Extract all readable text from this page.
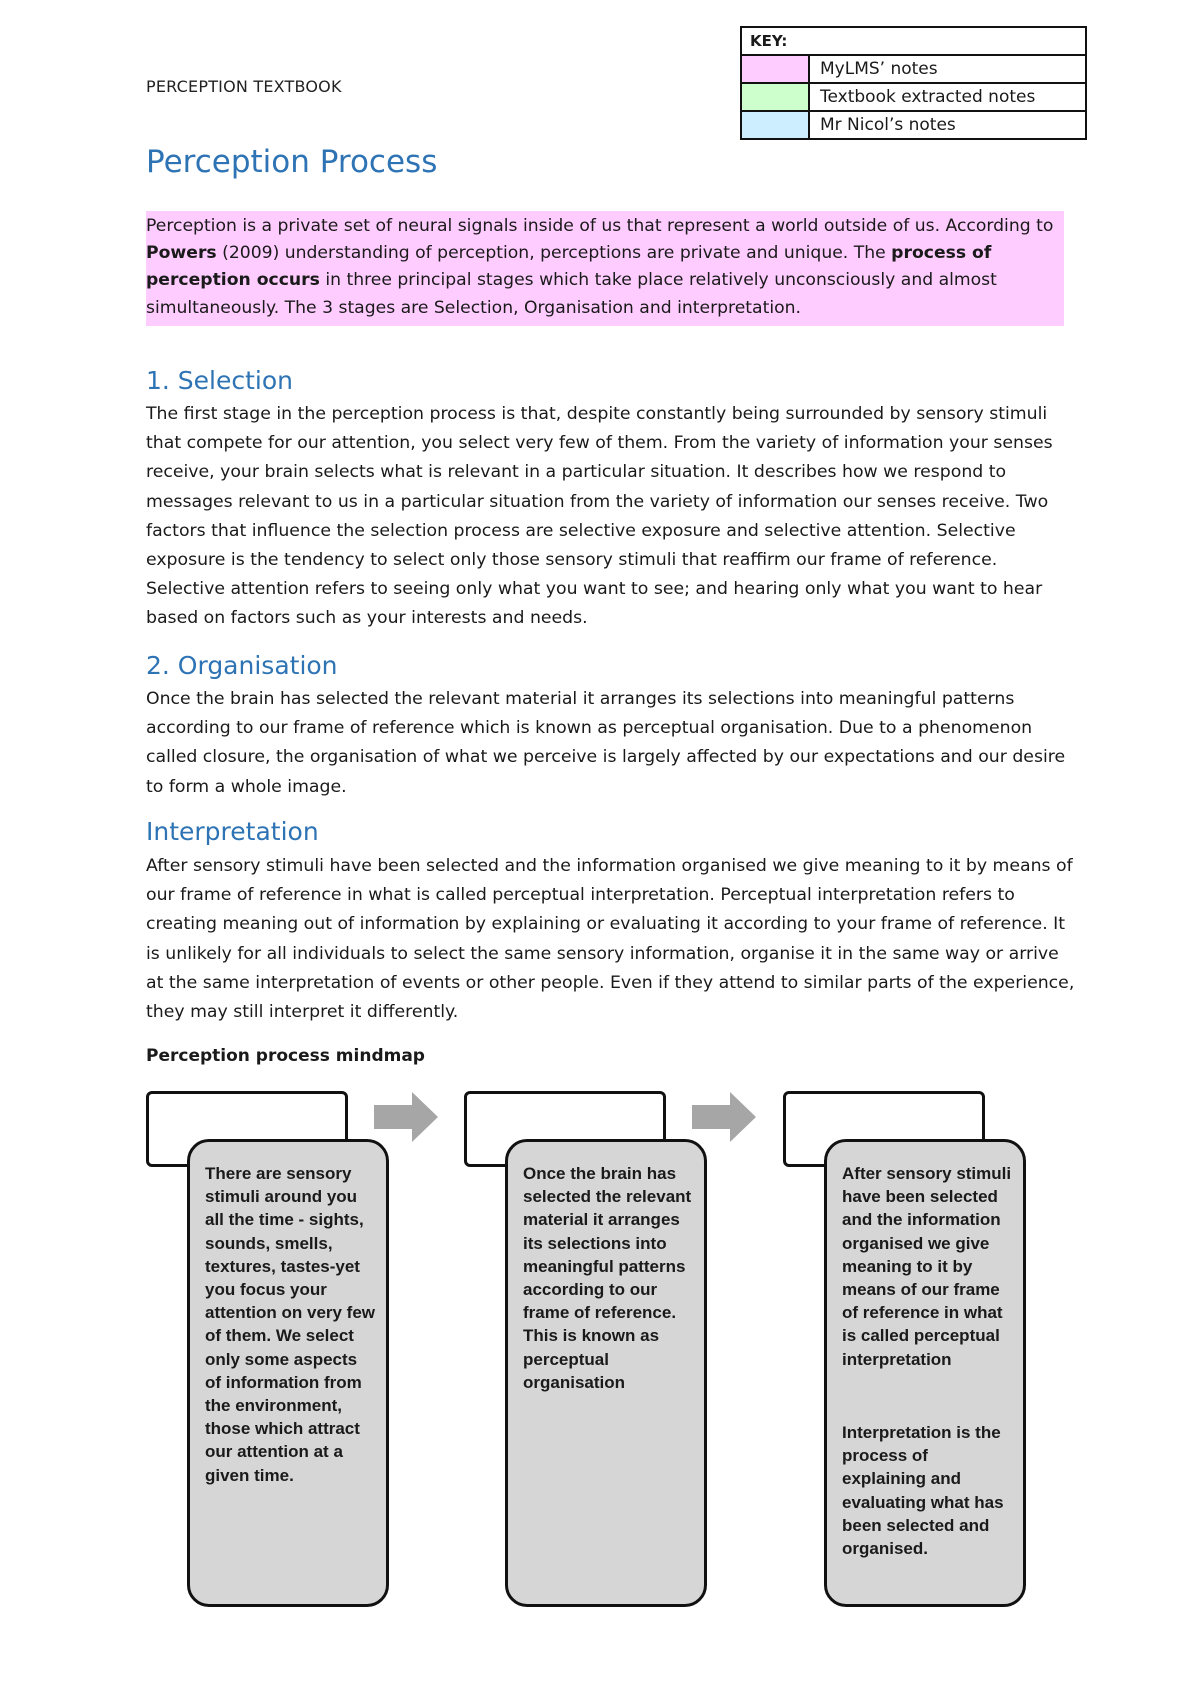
PERCEPTION TEXTBOOK
KEY:	
	MyLMS’ notes
	Textbook extracted notes
	Mr Nicol’s notes
Perception Process

Perception is a private set of neural signals inside of us that represent a world outside of us. According to Powers (2009) understanding of perception, perceptions are private and unique. The process of perception occurs in three principal stages which take place relatively unconsciously and almost simultaneously. The 3 stages are Selection, Organisation and interpretation.

1. Selection

The first stage in the perception process is that, despite constantly being surrounded by sensory stimuli that compete for our attention, you select very few of them. From the variety of information your senses receive, your brain selects what is relevant in a particular situation. It describes how we respond to messages relevant to us in a particular situation from the variety of information our senses receive. Two factors that influence the selection process are selective exposure and selective attention. Selective exposure is the tendency to select only those sensory stimuli that reaffirm our frame of reference. Selective attention refers to seeing only what you want to see; and hearing only what you want to hear based on factors such as your interests and needs.

2. Organisation

Once the brain has selected the relevant material it arranges its selections into meaningful patterns according to our frame of reference which is known as perceptual organisation. Due to a phenomenon called closure, the organisation of what we perceive is largely affected by our expectations and our desire to form a whole image.

Interpretation

After sensory stimuli have been selected and the information organised we give meaning to it by means of our frame of reference in what is called perceptual interpretation. Perceptual interpretation refers to creating meaning out of information by explaining or evaluating it according to your frame of reference. It is unlikely for all individuals to select the same sensory information, organise it in the same way or arrive at the same interpretation of events or other people. Even if they attend to similar parts of the experience, they may still interpret it differently.

Perception process mindmap

There are sensory stimuli around you all the time - sights, sounds, smells, textures, tastes-yet you focus your attention on very few of them. We select only some aspects of information from the environment, those which attract our attention at a given time.

Once the brain has selected the relevant material it arranges its selections into meaningful patterns according to our frame of reference. This is known as perceptual organisation

After sensory stimuli have been selected and the information organised we give meaning to it by means of our frame of reference in what is called perceptual interpretation

Interpretation is the process of explaining and evaluating what has been selected and organised.
